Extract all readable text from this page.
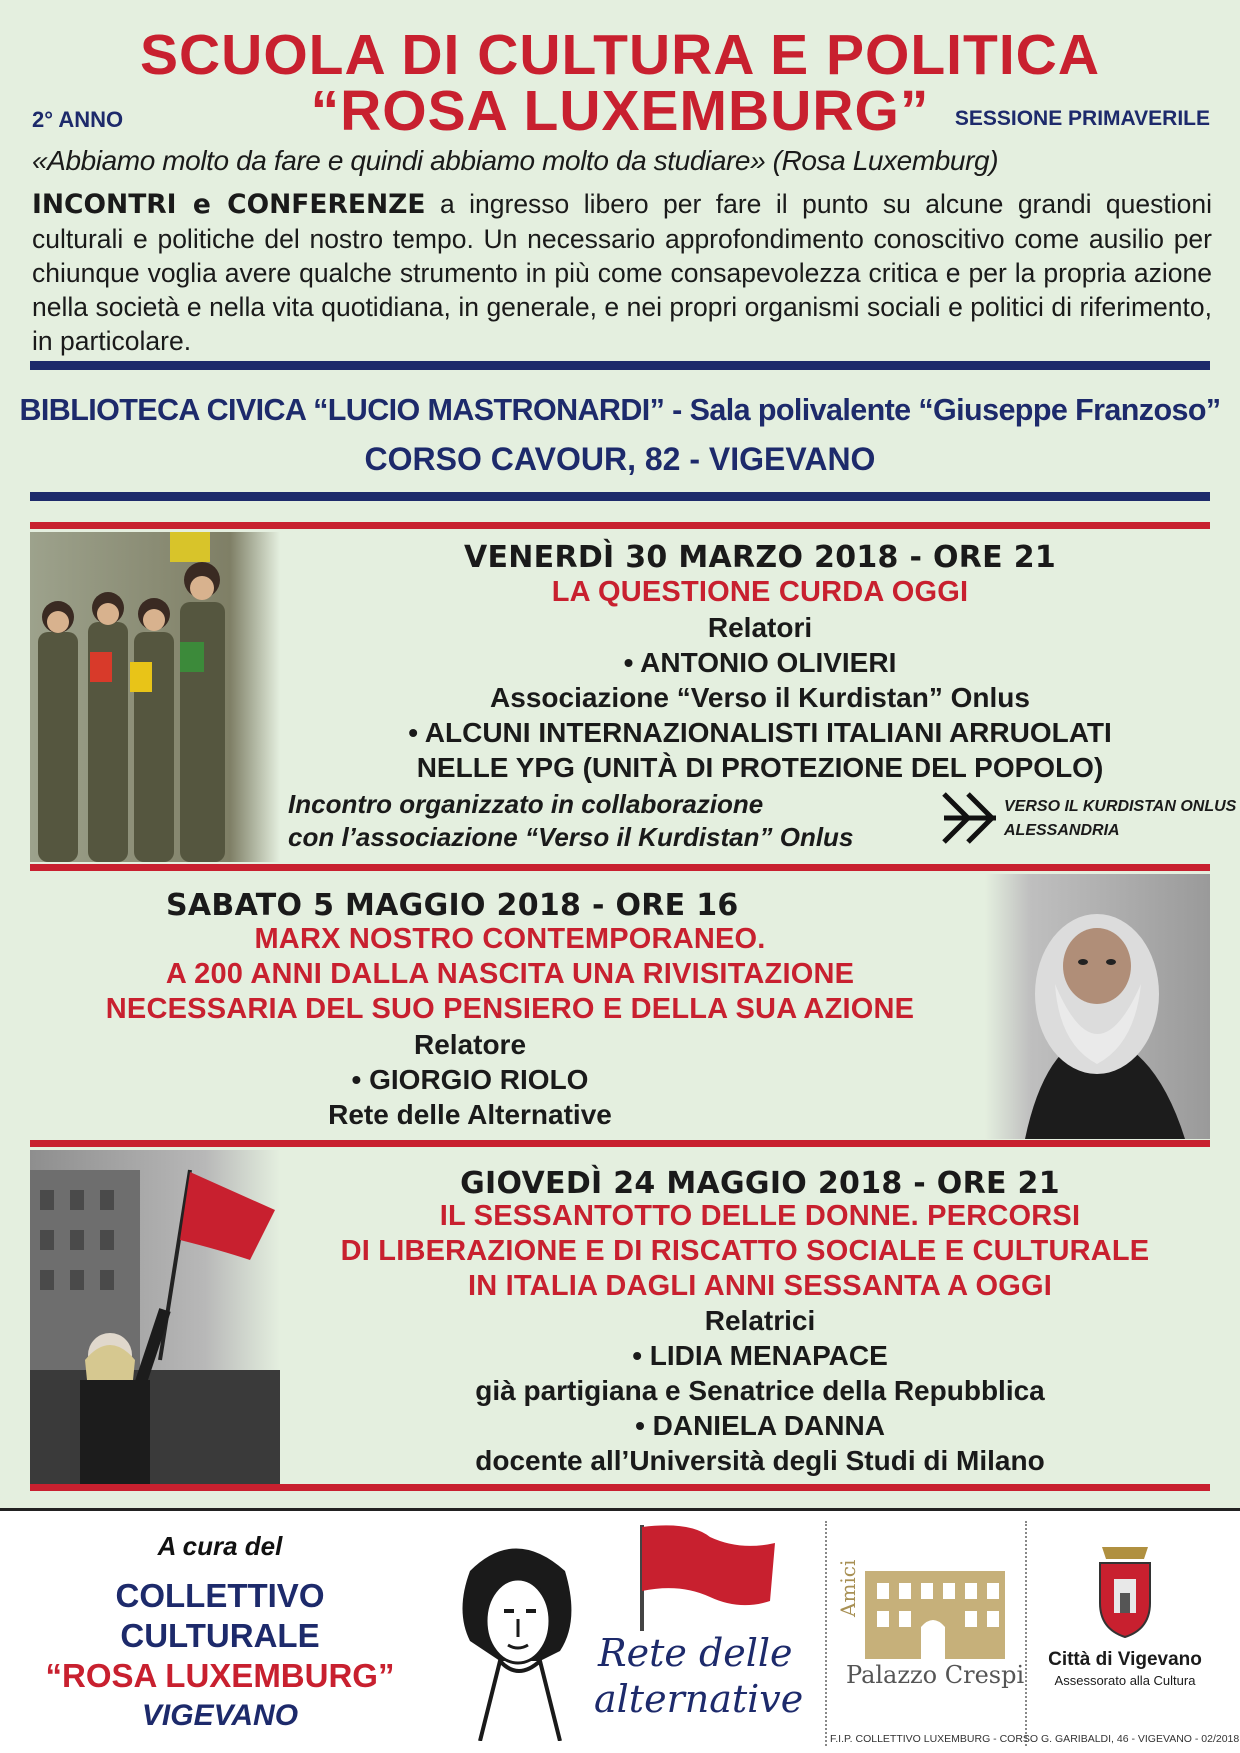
SCUOLA DI CULTURA E POLITICA
“ROSA LUXEMBURG”
2° ANNO	SESSIONE PRIMAVERILE
«Abbiamo molto da fare e quindi abbiamo molto da studiare» (Rosa Luxemburg)
INCONTRI e CONFERENZE a ingresso libero per fare il punto su alcune grandi questioni culturali e politiche del nostro tempo. Un necessario approfondimento conoscitivo come ausilio per chiunque voglia avere qualche strumento in più come consapevolezza critica e per la propria azione nella società e nella vita quotidiana, in generale, e nei propri organismi sociali e politici di riferimento, in particolare.
BIBLIOTECA CIVICA “LUCIO MASTRONARDI” - Sala polivalente “Giuseppe Franzoso”
CORSO CAVOUR, 82 - VIGEVANO
VENERDÌ 30 MARZO 2018 - ORE 21
LA QUESTIONE CURDA OGGI
Relatori
• ANTONIO OLIVIERI
Associazione “Verso il Kurdistan” Onlus
• ALCUNI INTERNAZIONALISTI ITALIANI ARRUOLATI
NELLE YPG (UNITÀ DI PROTEZIONE DEL POPOLO)
Incontro organizzato in collaborazione
con l’associazione “Verso il Kurdistan” Onlus
VERSO IL KURDISTAN ONLUS
ALESSANDRIA
SABATO 5 MAGGIO 2018 - ORE 16
MARX NOSTRO CONTEMPORANEO.
A 200 ANNI DALLA NASCITA UNA RIVISITAZIONE
NECESSARIA DEL SUO PENSIERO E DELLA SUA AZIONE
Relatore
• GIORGIO RIOLO
Rete delle Alternative
GIOVEDÌ 24 MAGGIO 2018 - ORE 21
IL SESSANTOTTO DELLE DONNE. PERCORSI
DI LIBERAZIONE E DI RISCATTO SOCIALE E CULTURALE
IN ITALIA DAGLI ANNI SESSANTA A OGGI
Relatrici
• LIDIA MENAPACE
già partigiana e Senatrice della Repubblica
• DANIELA DANNA
docente all’Università degli Studi di Milano
A cura del
COLLETTIVO
CULTURALE
“ROSA LUXEMBURG”
VIGEVANO
Rete delle
alternative
Amici
Palazzo Crespi
Città di Vigevano
Assessorato alla Cultura
F.I.P. COLLETTIVO LUXEMBURG - CORSO G. GARIBALDI, 46 - VIGEVANO - 02/2018
